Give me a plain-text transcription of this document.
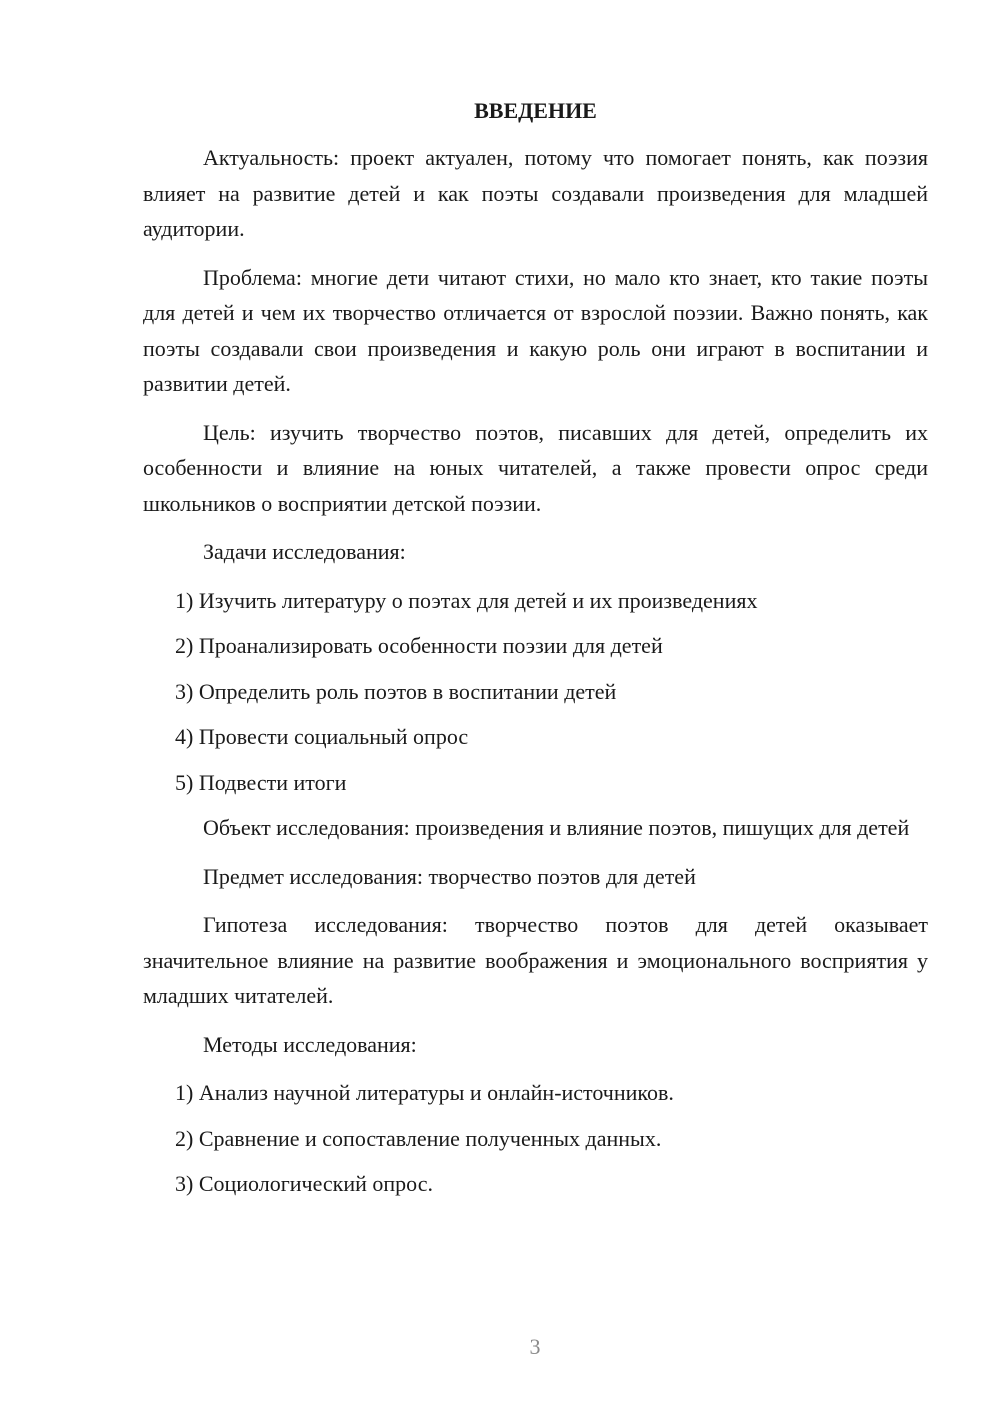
ВВЕДЕНИЕ

Актуальность: проект актуален, потому что помогает понять, как поэзия влияет на развитие детей и как поэты создавали произведения для младшей аудитории.

Проблема: многие дети читают стихи, но мало кто знает, кто такие поэты для детей и чем их творчество отличается от взрослой поэзии. Важно понять, как поэты создавали свои произведения и какую роль они играют в воспитании и развитии детей.

Цель: изучить творчество поэтов, писавших для детей, определить их особенности и влияние на юных читателей, а также провести опрос среди школьников о восприятии детской поэзии.

Задачи исследования:

1) Изучить литературу о поэтах для детей и их произведениях
2) Проанализировать особенности поэзии для детей
3) Определить роль поэтов в воспитании детей
4) Провести социальный опрос
5) Подвести итоги

Объект исследования: произведения и влияние поэтов, пишущих для детей

Предмет исследования: творчество поэтов для детей

Гипотеза исследования: творчество поэтов для детей оказывает значительное влияние на развитие воображения и эмоционального восприятия у младших читателей.

Методы исследования:

1) Анализ научной литературы и онлайн-источников.
2) Сравнение и сопоставление полученных данных.
3) Социологический опрос.
3
